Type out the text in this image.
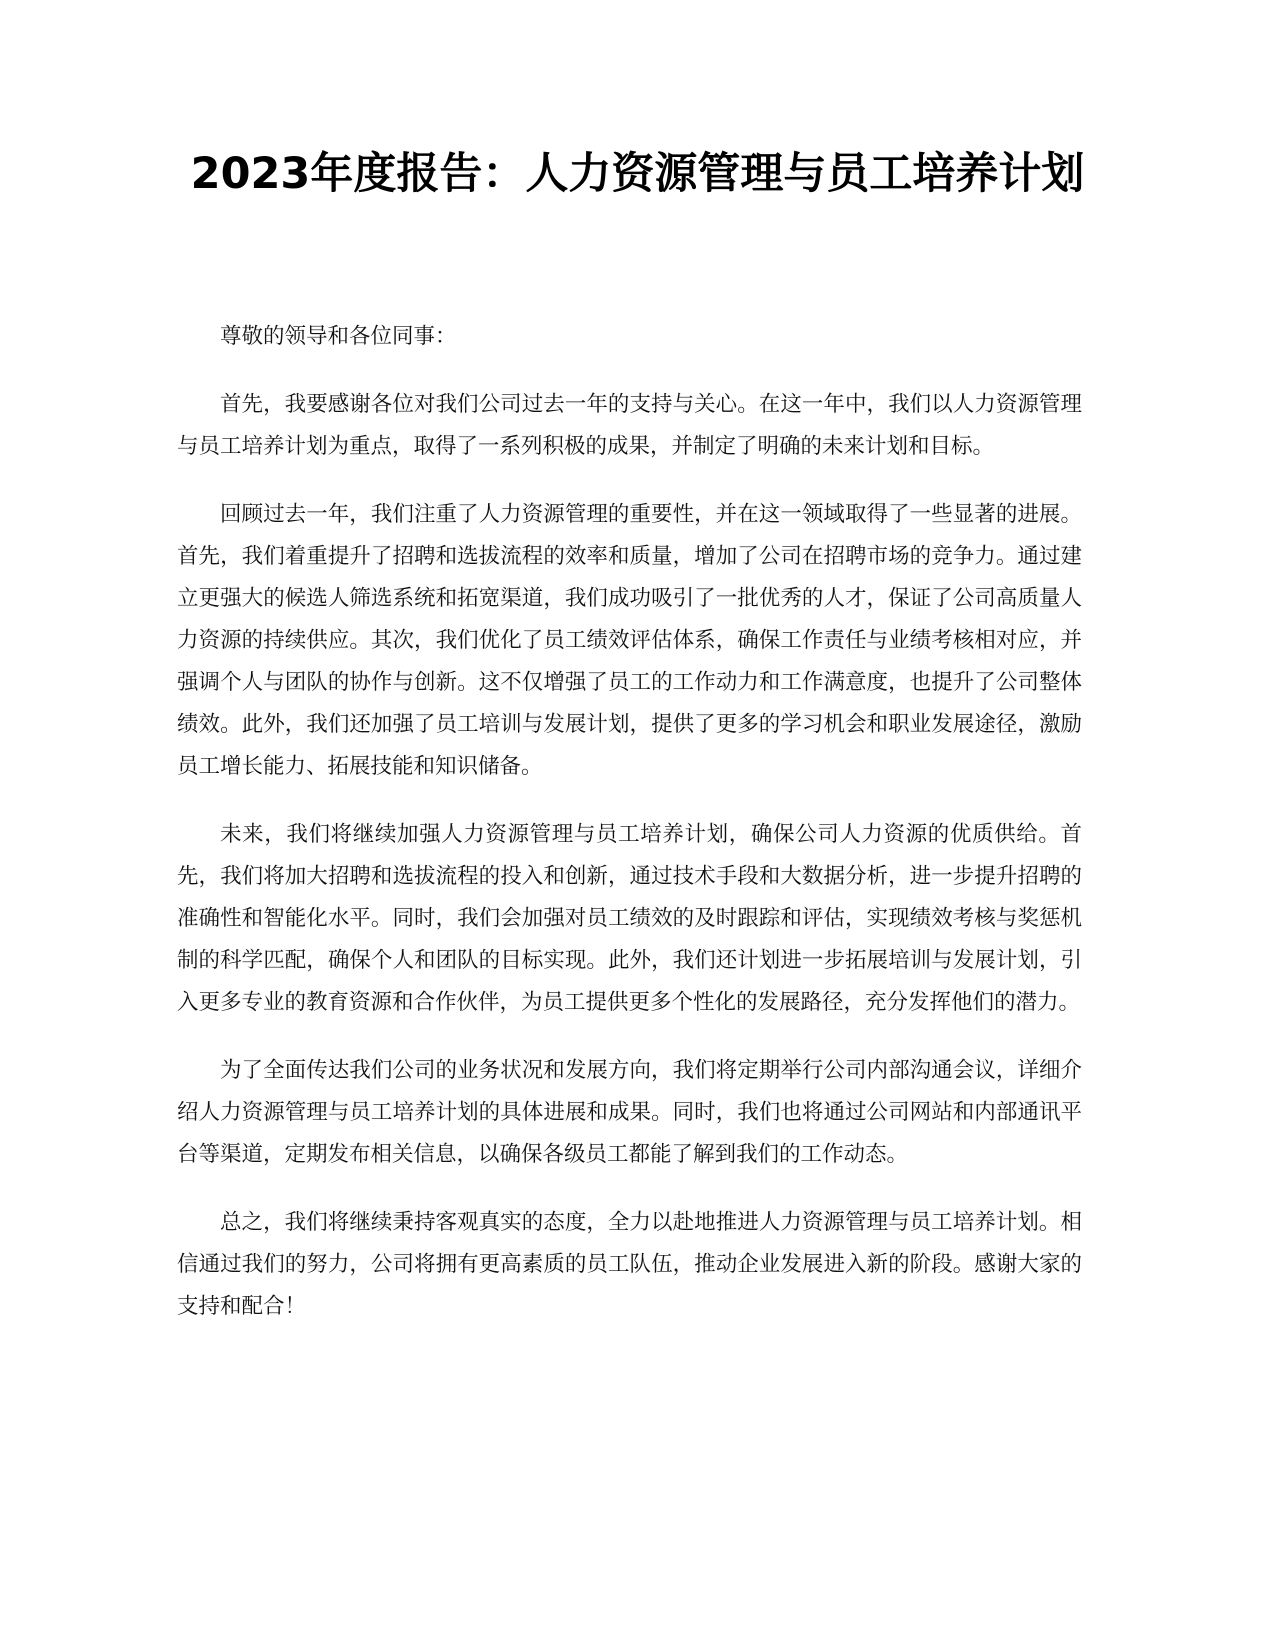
2023年度报告：人力资源管理与员工培养计划

尊敬的领导和各位同事：

首先，我要感谢各位对我们公司过去一年的支持与关心。在这一年中，我们以人力资源管理与员工培养计划为重点，取得了一系列积极的成果，并制定了明确的未来计划和目标。

回顾过去一年，我们注重了人力资源管理的重要性，并在这一领域取得了一些显著的进展。首先，我们着重提升了招聘和选拔流程的效率和质量，增加了公司在招聘市场的竞争力。通过建立更强大的候选人筛选系统和拓宽渠道，我们成功吸引了一批优秀的人才，保证了公司高质量人力资源的持续供应。其次，我们优化了员工绩效评估体系，确保工作责任与业绩考核相对应，并强调个人与团队的协作与创新。这不仅增强了员工的工作动力和工作满意度，也提升了公司整体绩效。此外，我们还加强了员工培训与发展计划，提供了更多的学习机会和职业发展途径，激励员工增长能力、拓展技能和知识储备。

未来，我们将继续加强人力资源管理与员工培养计划，确保公司人力资源的优质供给。首先，我们将加大招聘和选拔流程的投入和创新，通过技术手段和大数据分析，进一步提升招聘的准确性和智能化水平。同时，我们会加强对员工绩效的及时跟踪和评估，实现绩效考核与奖惩机制的科学匹配，确保个人和团队的目标实现。此外，我们还计划进一步拓展培训与发展计划，引入更多专业的教育资源和合作伙伴，为员工提供更多个性化的发展路径，充分发挥他们的潜力。

为了全面传达我们公司的业务状况和发展方向，我们将定期举行公司内部沟通会议，详细介绍人力资源管理与员工培养计划的具体进展和成果。同时，我们也将通过公司网站和内部通讯平台等渠道，定期发布相关信息，以确保各级员工都能了解到我们的工作动态。

总之，我们将继续秉持客观真实的态度，全力以赴地推进人力资源管理与员工培养计划。相信通过我们的努力，公司将拥有更高素质的员工队伍，推动企业发展进入新的阶段。感谢大家的支持和配合！
